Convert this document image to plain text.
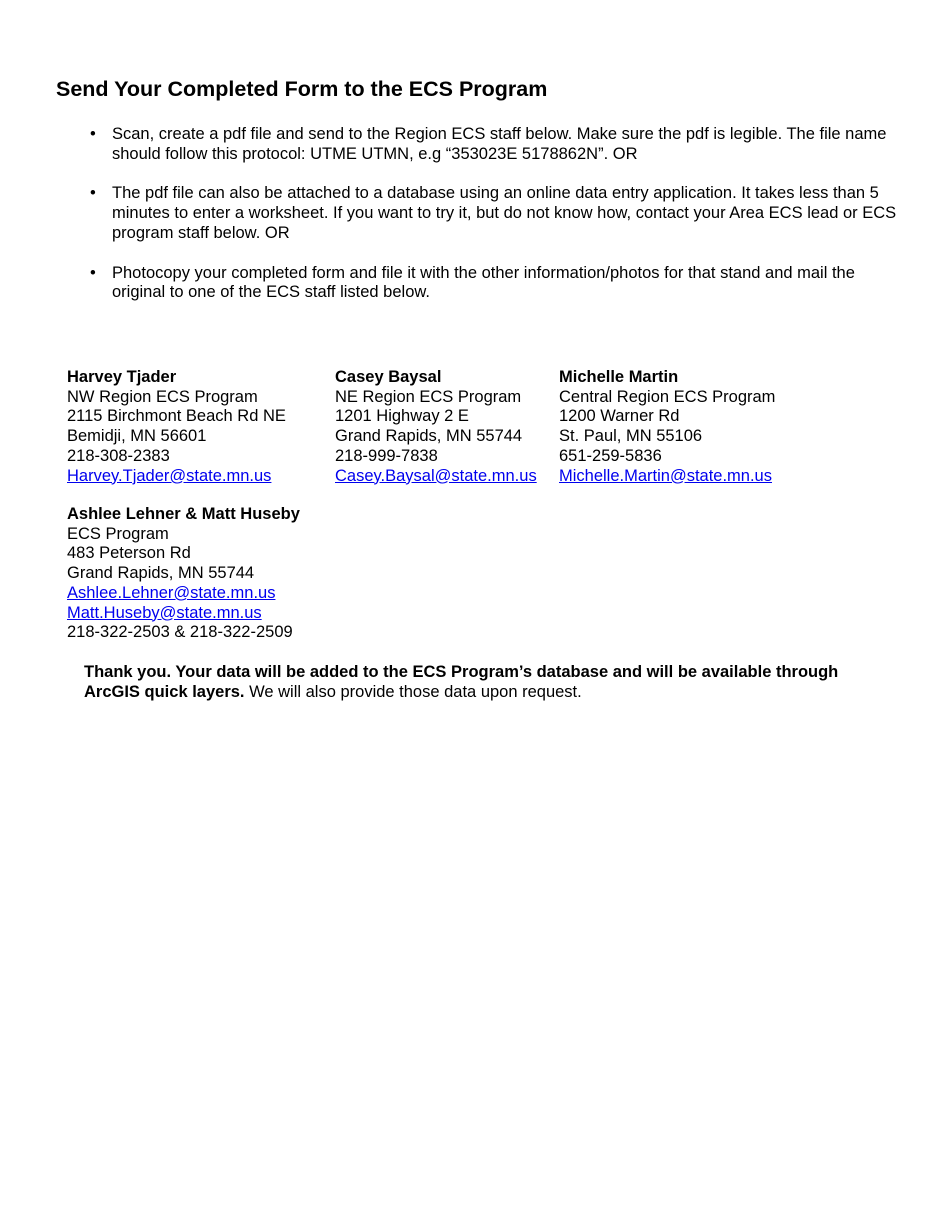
Send Your Completed Form to the ECS Program
• Scan, create a pdf file and send to the Region ECS staff below. Make sure the pdf is legible. The file name should follow this protocol: UTME UTMN, e.g “353023E 5178862N”. OR
• The pdf file can also be attached to a database using an online data entry application. It takes less than 5 minutes to enter a worksheet. If you want to try it, but do not know how, contact your Area ECS lead or ECS program staff below. OR
• Photocopy your completed form and file it with the other information/photos for that stand and mail the original to one of the ECS staff listed below.
Harvey Tjader
NW Region ECS Program
2115 Birchmont Beach Rd NE
Bemidji, MN 56601
218-308-2383
Harvey.Tjader@state.mn.us
Casey Baysal
NE Region ECS Program
1201 Highway 2 E
Grand Rapids, MN 55744
218-999-7838
Casey.Baysal@state.mn.us
Michelle Martin
Central Region ECS Program
1200 Warner Rd
St. Paul, MN 55106
651-259-5836
Michelle.Martin@state.mn.us
Ashlee Lehner & Matt Huseby
ECS Program
483 Peterson Rd
Grand Rapids, MN 55744
Ashlee.Lehner@state.mn.us
Matt.Huseby@state.mn.us
218-322-2503 & 218-322-2509

Thank you. Your data will be added to the ECS Program’s database and will be available through ArcGIS quick layers. We will also provide those data upon request.
